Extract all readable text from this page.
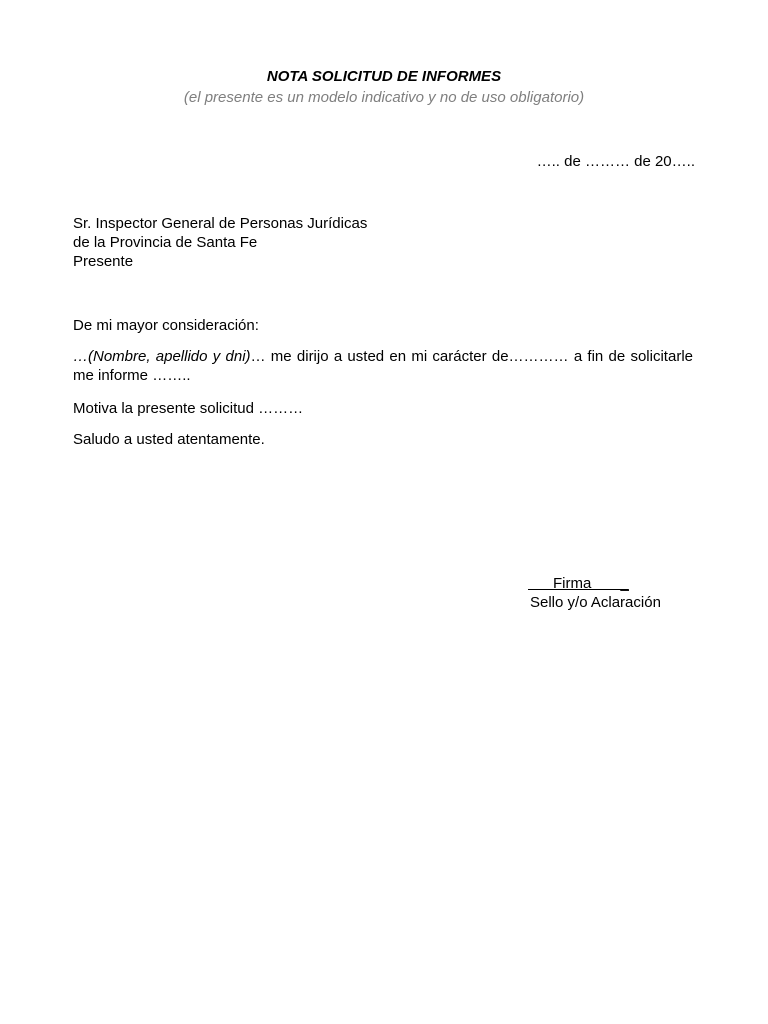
NOTA SOLICITUD DE INFORMES
(el presente es un modelo indicativo y no de uso obligatorio)
….. de ……… de 20…..
Sr. Inspector General de Personas Jurídicas
de la Provincia de Santa Fe
Presente
De mi mayor consideración:
…(Nombre, apellido y dni)… me dirijo a usted en mi carácter de………… a fin de solicitarle me informe ……..
Motiva la presente solicitud ………
Saludo a usted atentamente.
Firma       _
Sello y/o Aclaración
